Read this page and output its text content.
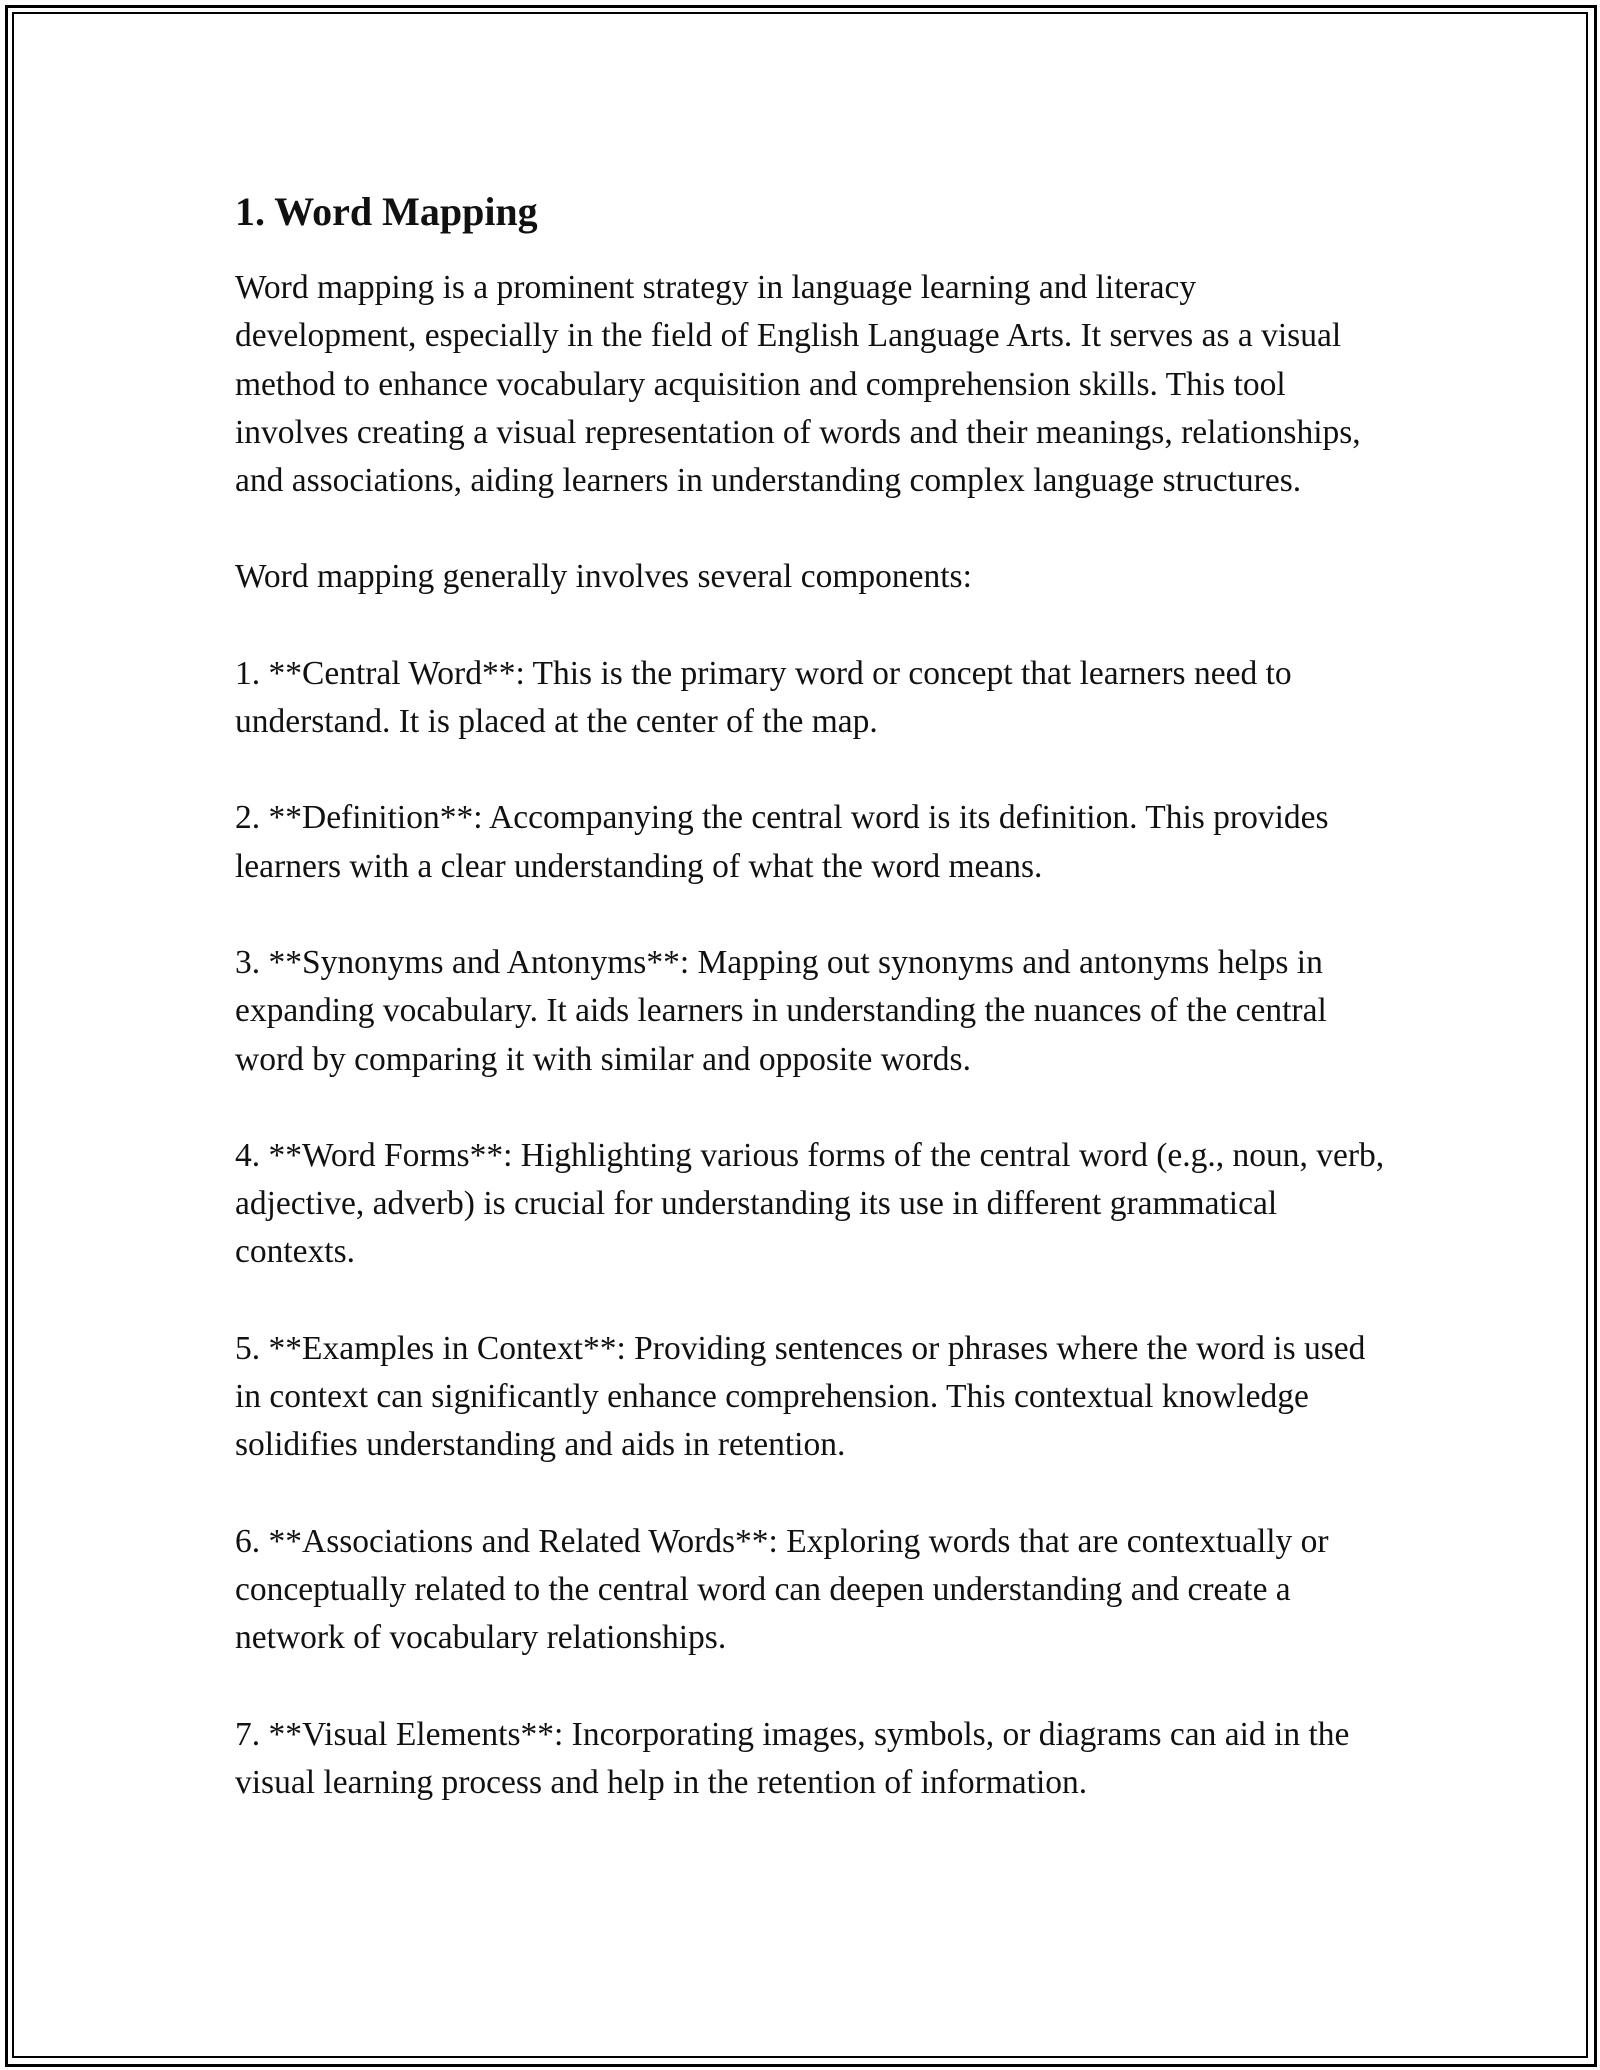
1. Word Mapping

Word mapping is a prominent strategy in language learning and literacy development, especially in the field of English Language Arts. It serves as a visual method to enhance vocabulary acquisition and comprehension skills. This tool involves creating a visual representation of words and their meanings, relationships, and associations, aiding learners in understanding complex language structures.

Word mapping generally involves several components:

1. **Central Word**: This is the primary word or concept that learners need to understand. It is placed at the center of the map.

2. **Definition**: Accompanying the central word is its definition. This provides learners with a clear understanding of what the word means.

3. **Synonyms and Antonyms**: Mapping out synonyms and antonyms helps in expanding vocabulary. It aids learners in understanding the nuances of the central word by comparing it with similar and opposite words.

4. **Word Forms**: Highlighting various forms of the central word (e.g., noun, verb, adjective, adverb) is crucial for understanding its use in different grammatical contexts.

5. **Examples in Context**: Providing sentences or phrases where the word is used in context can significantly enhance comprehension. This contextual knowledge solidifies understanding and aids in retention.

6. **Associations and Related Words**: Exploring words that are contextually or conceptually related to the central word can deepen understanding and create a network of vocabulary relationships.

7. **Visual Elements**: Incorporating images, symbols, or diagrams can aid in the visual learning process and help in the retention of information.
